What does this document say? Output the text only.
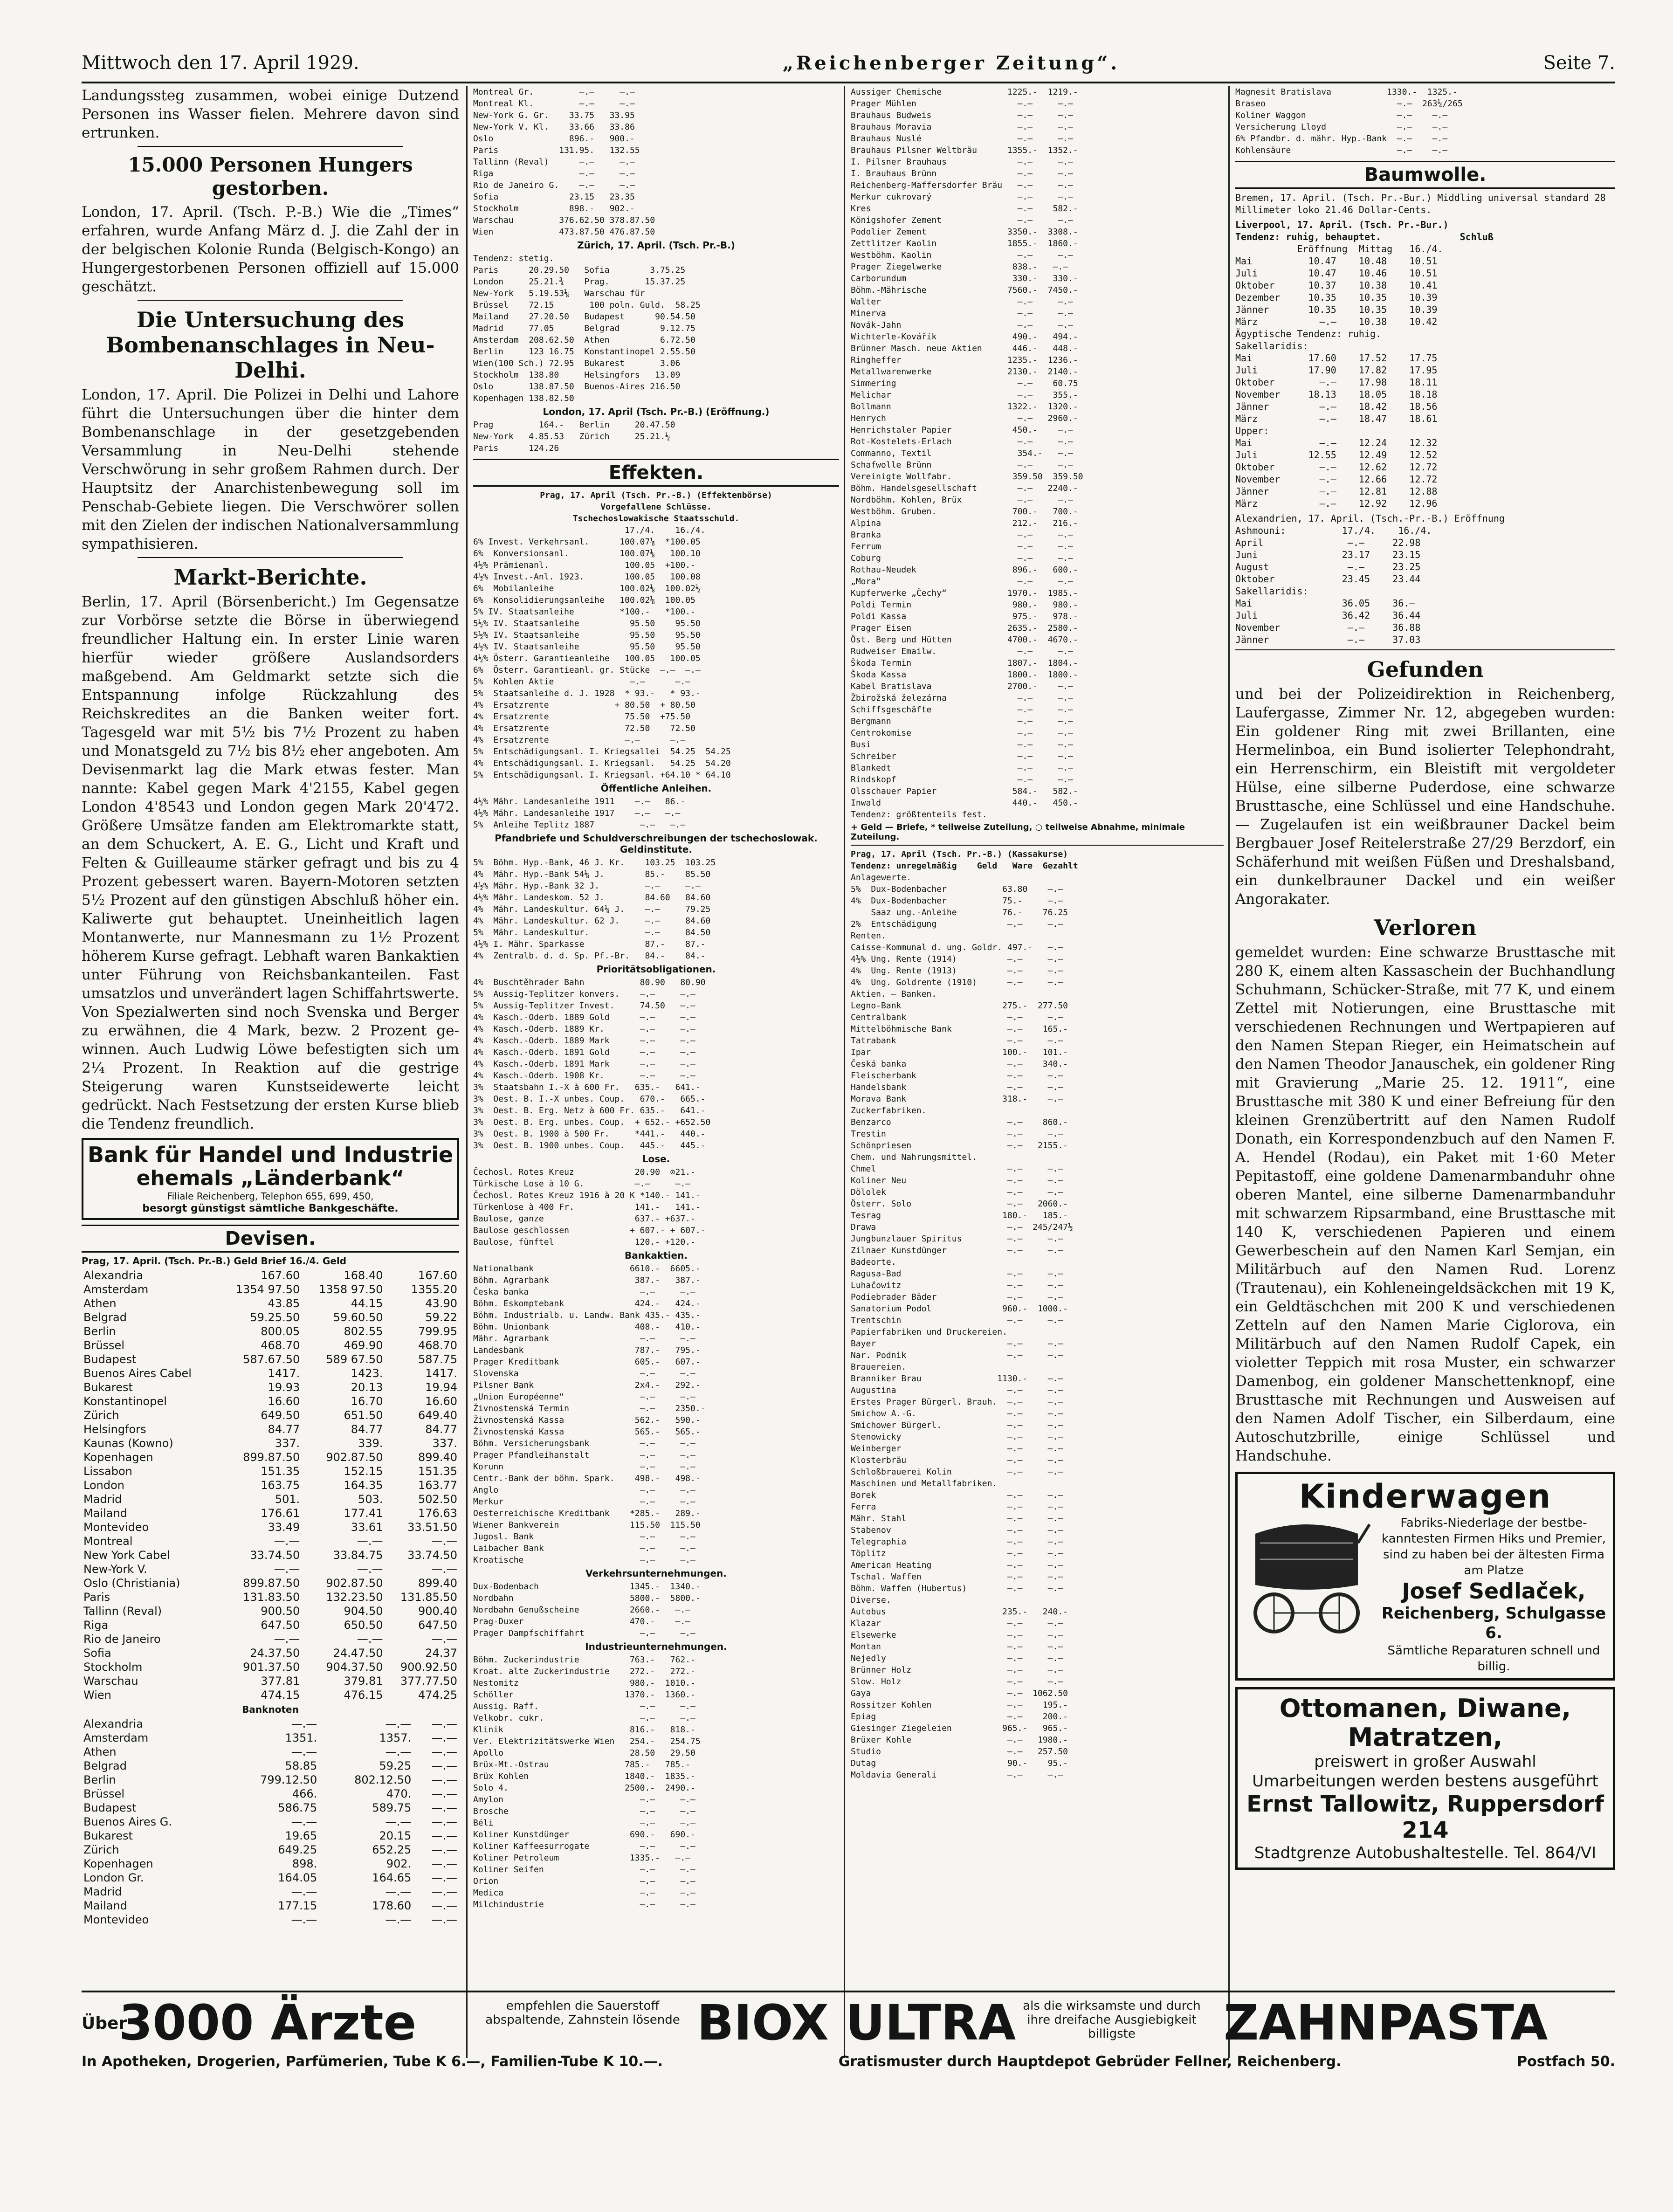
Mittwoch den 17. April 1929.	„Reichenberger Zeitung“.	Seite 7.

Landungssteg zusammen, wobei einige Dutzend Personen ins Wasser fielen. Mehrere davon sind ertrunken.

15.000 Personen Hungers gestorben.

London, 17. April. (Tsch. P.-B.) Wie die „Times“ erfahren, wurde Anfang März d. J. die Zahl der in der belgischen Kolonie Runda (Belgisch-Kongo) an Hungergestorbenen Personen offiziell auf 15.000 geschätzt.

Die Untersuchung des Bombenanschlages in Neu-Delhi.

London, 17. April. Die Polizei in Delhi und Lahore führt die Untersuchungen über die hinter dem Bombenanschlage in der gesetzgebenden Versammlung in Neu-Delhi stehende Verschwörung in sehr großem Rahmen durch. Der Hauptsitz der Anarchistenbewegung soll im Penschab-Gebiete liegen. Die Verschwörer sollen mit den Zielen der indischen Nationalversammlung sympathisieren.

Markt-Berichte.

Berlin, 17. April (Börsenbericht.) Im Gegensatze zur Vorbörse setzte die Börse in überwiegend freundlicher Haltung ein. In erster Linie waren hierfür wieder größere Auslandsorders maßgebend. Am Geldmarkt setzte sich die Entspannung infolge Rückzahlung des Reichskredites an die Banken weiter fort. Tagesgeld war mit 5½ bis 7½ Prozent zu haben und Monatsgeld zu 7½ bis 8½ eher angeboten. Am Devisenmarkt lag die Mark etwas fester. Man nannte: Kabel gegen Mark 4'2155, Kabel gegen London 4'8543 und London gegen Mark 20'472. Größere Umsätze fanden am Elektromarkte statt, an dem Schuckert, A. E. G., Licht und Kraft und Felten & Guilleaume stärker gefragt und bis zu 4 Prozent gebessert waren. Bayern-Motoren setzten 5½ Prozent auf den günstigen Abschluß höher ein. Kaliwerte gut behauptet. Uneinheitlich lagen Montanwerte, nur Mannesmann zu 1½ Prozent höherem Kurse gefragt. Lebhaft waren Bankaktien unter Führung von Reichsbankanteilen. Fast umsatzlos und unverändert lagen Schiffahrtswerte. Von Spezialwerten sind noch Svenska und Berger zu erwähnen, die 4 Mark, bezw. 2 Prozent gewinnen. Auch Ludwig Löwe befestigten sich um 2¼ Prozent. In Reaktion auf die gestrige Steigerung waren Kunstseidewerte leicht gedrückt. Nach Festsetzung der ersten Kurse blieb die Tendenz freundlich.

Bank für Handel und Industrie
ehemals „Länderbank“
Filiale Reichenberg, Telephon 655, 699, 450,
besorgt günstigst sämtliche Bankgeschäfte.
Devisen.
Prag, 17. April. (Tsch. Pr.-B.) Geld Brief 16./4. Geld
Alexandria	167.60	168.40	167.60
Amsterdam	1354 97.50	1358 97.50	1355.20
Athen	43.85	44.15	43.90
Belgrad	59.25.50	59.60.50	59.22
Berlin	800.05	802.55	799.95
Brüssel	468.70	469.90	468.70
Budapest	587.67.50	589 67.50	587.75
Buenos Aires Cabel	1417.	1423.	1417.
Bukarest	19.93	20.13	19.94
Konstantinopel	16.60	16.70	16.60
Zürich	649.50	651.50	649.40
Helsingfors	84.77	84.77	84.77
Kaunas (Kowno)	337.	339.	337.
Kopenhagen	899.87.50	902.87.50	899.40
Lissabon	151.35	152.15	151.35
London	163.75	164.35	163.77
Madrid	501.	503.	502.50
Mailand	176.61	177.41	176.63
Montevideo	33.49	33.61	33.51.50
Montreal	—.—	—.—	—.—
New York Cabel	33.74.50	33.84.75	33.74.50
New-York V.	—.—	—.—	—.—
Oslo (Christiania)	899.87.50	902.87.50	899.40
Paris	131.83.50	132.23.50	131.85.50
Tallinn (Reval)	900.50	904.50	900.40
Riga	647.50	650.50	647.50
Rio de Janeiro	—.—	—.—	—.—
Sofia	24.37.50	24.47.50	24.37
Stockholm	901.37.50	904.37.50	900.92.50
Warschau	377.81	379.81	377.77.50
Wien	474.15	476.15	474.25
Banknoten
Alexandria	—.—	—.—	—.—
Amsterdam	1351.	1357.	—.—
Athen	—.—	—.—	—.—
Belgrad	58.85	59.25	—.—
Berlin	799.12.50	802.12.50	—.—
Brüssel	466.	470.	—.—
Budapest	586.75	589.75	—.—
Buenos Aires G.	—.—	—.—	—.—
Bukarest	19.65	20.15	—.—
Zürich	649.25	652.25	—.—
Kopenhagen	898.	902.	—.—
London Gr.	164.05	164.65	—.—
Madrid	—.—	—.—	—.—
Mailand	177.15	178.60	—.—
Montevideo	—.—	—.—	—.—
Montreal Gr.         —.—     —.—
Montreal Kl.         —.—     —.—
New-York G. Gr.    33.75   33.95
New-York V. Kl.    33.66   33.86
Oslo               896.-   900.-
Paris            131.95.   132.55
Tallinn (Reval)      —.—     —.—
Riga                 —.—     —.—
Rio de Janeiro G.    —.—     —.—
Sofia              23.15   23.35
Stockholm          898.-   902.-
Warschau         376.62.50 378.87.50
Wien             473.87.50 476.87.50
Zürich, 17. April. (Tsch. Pr.-B.)
Tendenz: stetig.
Paris      20.29.50   Sofia        3.75.25
London     25.21.¾    Prag.       15.37.25
New-York   5.19.53⅛   Warschau für
Brüssel    72.15       100 poln. Guld.  58.25
Mailand    27.20.50   Budapest      90.54.50
Madrid     77.05      Belgrad        9.12.75
Amsterdam  208.62.50  Athen          6.72.50
Berlin     123 16.75  Konstantinopel 2.55.50
Wien(100 Sch.) 72.95  Bukarest       3.06
Stockholm  138.80     Helsingfors   13.09
Oslo       138.87.50  Buenos-Aires 216.50
Kopenhagen 138.82.50
London, 17. April (Tsch. Pr.-B.) (Eröffnung.)
Prag         164.-   Berlin     20.47.50
New-York   4.85.53   Zürich     25.21.½
Paris      124.26
Effekten.
Prag, 17. April (Tsch. Pr.-B.) (Effektenbörse)
Vorgefallene Schlüsse.
Tschechoslowakische Staatsschuld.
17./4.    16./4.
6% Invest. Verkehrsanl.      100.07⅛  *100.05
6%  Konversionsanl.          100.07⅛   100.10
4½% Prämienanl.               100.05  +100.-
4½% Invest.-Anl. 1923.        100.05   100.08
6%  Mobilanleihe             100.02⅛  100.02½
6%  Konsolidierungsanleihe   100.02⅛  100.05
5% IV. Staatsanleihe         *100.-   *100.-
5½% IV. Staatsanleihe          95.50    95.50
5½% IV. Staatsanleihe          95.50    95.50
4½% IV. Staatsanleihe          95.50    95.50
4½% Österr. Garantieanleihe   100.05   100.05
6%  Österr. Garantieanl. gr. Stücke  —.—  —.—
5%  Kohlen Aktie               —.—      —.—
5%  Staatsanleihe d. J. 1928  * 93.-   * 93.-
4%  Ersatzrente             + 80.50  + 80.50
4%  Ersatzrente               75.50  +75.50
4%  Ersatzrente               72.50    72.50
4%  Ersatzrente               —.—      —.—
5%  Entschädigungsanl. I. Kriegsallei  54.25  54.25
4%  Entschädigungsanl. I. Kriegsanl.   54.25  54.20
5%  Entschädigungsanl. I. Kriegsanl. +64.10 * 64.10
Öffentliche Anleihen.
4½% Mähr. Landesanleihe 1911    —.—   86.-
4½% Mähr. Landesanleihe 1917    —.—   —.—
5%  Anleihe Teplitz 1887         —.—   —.—
Pfandbriefe und Schuldverschreibungen der tschechoslowak. Geldinstitute.
5%  Böhm. Hyp.-Bank, 46 J. Kr.    103.25  103.25
4%  Mähr. Hyp.-Bank 54⅛ J.        85.-    85.50
4½% Mähr. Hyp.-Bank 32 J.         —.—     —.—
4½% Mähr. Landeskom. 52 J.        84.60   84.60
4%  Mähr. Landeskultur. 64⅛ J.    —.—     79.25
4%  Mähr. Landeskultur. 62 J.     —.—     84.60
5%  Mähr. Landeskultur.           —.—     84.50
4½% I. Mähr. Sparkasse            87.-    87.-
4%  Zentralb. d. d. Sp. Pf.-Br.   84.-    84.-
Prioritätsobligationen.
4%  Buschtěhrader Bahn           80.90   80.90
5%  Aussig-Teplitzer konvers.    —.—     —.—
5%  Aussig-Teplitzer Invest.     74.50   —.—
4%  Kasch.-Oderb. 1889 Gold      —.—     —.—
4%  Kasch.-Oderb. 1889 Kr.       —.—     —.—
4%  Kasch.-Oderb. 1889 Mark      —.—     —.—
4%  Kasch.-Oderb. 1891 Gold      —.—     —.—
4%  Kasch.-Oderb. 1891 Mark      —.—     —.—
4%  Kasch.-Oderb. 1908 Kr.       —.—     —.—
3%  Staatsbahn I.-X à 600 Fr.   635.-   641.-
3%  Oest. B. I.-X unbes. Coup.   670.-   665.-
3%  Oest. B. Erg. Netz à 600 Fr. 635.-   641.-
3%  Oest. B. Erg. unbes. Coup.  + 652.- +652.50
3%  Oest. B. 1900 à 500 Fr.     *441.-   440.-
3%  Oest. B. 1900 unbes. Coup.   445.-   445.-
Lose.
Čechosl. Rotes Kreuz            20.90  ⊙21.-
Türkische Lose à 10 G.          —.—     —.—
Čechosl. Rotes Kreuz 1916 à 20 K *140.- 141.-
Türkenlose à 400 Fr.            141.-   141.-
Baulose, ganze                  637.- +637.-
Baulose geschlossen            + 607.- + 607.-
Baulose, fünftel                120.- +120.-
Bankaktien.
Nationalbank                   6610.-  6605.-
Böhm. Agrarbank                 387.-   387.-
Česka banka                      —.—     —.—
Böhm. Eskomptebank              424.-   424.-
Böhm. Industrialb. u. Landw. Bank 435.- 435.-
Böhm. Unionbank                 408.-   410.-
Mähr. Agrarbank                  —.—     —.—
Landesbank                      787.-   795.-
Prager Kreditbank               605.-   607.-
Slovenska                        —.—     —.—
Pilsner Bank                    2x4.-   292.-
„Union Européenne“               —.—     —.—
Živnostenská Termin              —.—    2350.-
Živnostenská Kassa              562.-   590.-
Živnostenská Kassa              565.-   565.-
Böhm. Versicherungsbank          —.—     —.—
Prager Pfandleihanstalt          —.—     —.—
Korunn                           —.—     —.—
Centr.-Bank der böhm. Spark.    498.-   498.-
Anglo                            —.—     —.—
Merkur                           —.—     —.—
Oesterreichische Kreditbank    *285.-   289.-
Wiener Bankverein              115.50  115.50
Jugosl. Bank                     —.—     —.—
Laibacher Bank                   —.—     —.—
Kroatische                       —.—     —.—
Verkehrsunternehmungen.
Dux-Bodenbach                  1345.-  1340.-
Nordbahn                       5800.-  5800.-
Nordbahn Genußscheine          2660.-   —.—
Prag-Duxer                     470.-    —.—
Prager Dampfschiffahrt           —.—     —.—
Industrieunternehmungen.
Böhm. Zuckerindustrie          763.-   762.-
Kroat. alte Zuckerindustrie    272.-   272.-
Nestomitz                      980.-  1010.-
Schöller                      1370.-  1360.-
Aussig. Raff.                    —.—     —.—
Velkobr. cukr.                   —.—     —.—
Klinik                         816.-   818.-
Ver. Elektrizitätswerke Wien   254.-   254.75
Apollo                         28.50   29.50
Brüx-Mt.-Ostrau               785.-   785.-
Brüx Kohlen                   1840.-  1835.-
Solo 4.                       2500.-  2490.-
Amylon                           —.—     —.—
Brosche                          —.—     —.—
Béli                             —.—     —.—
Koliner Kunstdünger            690.-   690.-
Koliner Kaffeesurrogate          —.—     —.—
Koliner Petroleum              1335.-   —.—
Koliner Seifen                   —.—     —.—
Orion                            —.—     —.—
Medica                           —.—     —.—
Milchindustrie                   —.—     —.—
Aussiger Chemische             1225.-  1219.-
Prager Mühlen                    —.—     —.—
Brauhaus Budweis                 —.—     —.—
Brauhaus Moravia                 —.—     —.—
Brauhaus Nuslé                   —.—     —.—
Brauhaus Pilsner Weltbräu      1355.-  1352.-
I. Pilsner Brauhaus              —.—     —.—
I. Brauhaus Brünn                —.—     —.—
Reichenberg-Maffersdorfer Bräu   —.—     —.—
Merkur cukrovarý                 —.—     —.—
Kres                             —.—    582.-
Königshofer Zement               —.—     —.—
Podolier Zement                3350.-  3308.-
Zettlitzer Kaolin              1855.-  1860.-
Westböhm. Kaolin                 —.—     —.—
Prager Ziegelwerke              838.-   —.—
Carborundum                     330.-   330.-
Böhm.-Mährische                7560.-  7450.-
Walter                           —.—     —.—
Minerva                          —.—     —.—
Novák-Jahn                       —.—     —.—
Wichterle-Kovářík               490.-   494.-
Brünner Masch. neue Aktien      446.-   448.-
Ringheffer                     1235.-  1236.-
Metallwarenwerke               2130.-  2140.-
Simmering                        —.—    60.75
Melichar                         —.—    355.-
Bollmann                       1322.-  1320.-
Henrych                          —.—   2960.-
Henrichstaler Papier            450.-    —.—
Rot-Kostelets-Erlach             —.—     —.—
Commanno, Textil                 354.-   —.—
Schafwolle Brünn                 —.—     —.—
Vereinigte Wollfabr.            359.50  359.50
Böhm. Handelsgesellschaft        —.—   2240.-
Nordböhm. Kohlen, Brüx           —.—     —.—
Westböhm. Gruben.               700.-   700.-
Alpina                          212.-   216.-
Branka                           —.—     —.—
Ferrum                           —.—     —.—
Coburg                           —.—     —.—
Rothau-Neudek                   896.-   600.-
„Mora“                           —.—     —.—
Kupferwerke „Čechy“            1970.-  1985.-
Poldi Termin                    980.-   980.-
Poldi Kassa                     975.-   978.-
Prager Eisen                   2635.-  2580.-
Öst. Berg und Hütten           4700.-  4670.-
Rudweiser Emailw.                —.—     —.—
Škoda Termin                   1807.-  1804.-
Škoda Kassa                    1800.-  1800.-
Kabel Bratislava               2700.-    —.—
Žbirožská železárna              —.—     —.—
Schiffsgeschäfte                 —.—     —.—
Bergmann                         —.—     —.—
Centrokomise                     —.—     —.—
Busi                             —.—     —.—
Schreiber                        —.—     —.—
Blankedt                         —.—     —.—
Rindskopf                        —.—     —.—
Olsschauer Papier               584.-   582.-
Inwald                          440.-   450.-
Tendenz: größtenteils fest.
+ Geld — Briefe, * teilweise Zuteilung, ○ teilweise Abnahme, minimale Zuteilung.
Prag, 17. April (Tsch. Pr.-B.) (Kassakurse)
Tendenz: unregelmäßig    Geld   Ware  Gezahlt
Anlagewerte.
5%  Dux-Bodenbacher           63.80    —.—
4%  Dux-Bodenbacher           75.-     —.—
Saaz ung.-Anleihe         76.-    76.25
2%  Entschädigung              —.—     —.—
Renten.
Caisse-Kommunal d. ung. Goldr. 497.-   —.—
4½% Ung. Rente (1914)          —.—     —.—
4%  Ung. Rente (1913)          —.—     —.—
4%  Ung. Goldrente (1910)      —.—     —.—
Aktien. — Banken.
Legno-Bank                    275.-  277.50
Centralbank                    —.—     —.—
Mittelböhmische Bank           —.—    165.-
Tatrabank                      —.—     —.—
Ipar                          100.-   101.-
Česká banka                    —.—    340.-
Fleischerbank                  —.—     —.—
Handelsbank                    —.—     —.—
Morava Bank                   318.-    —.—
Zuckerfabriken.
Benzarco                       —.—    860.-
Trestin                        —.—     —.—
Schönpriesen                   —.—   2155.-
Chem. und Nahrungsmittel.
Chmel                          —.—     —.—
Koliner Neu                    —.—     —.—
Dölolek                        —.—     —.—
Österr. Solo                   —.—   2060.-
Tesrag                        180.-   185.-
Drawa                          —.—  245/247½
Jungbunzlauer Spiritus         —.—     —.—
Zilnaer Kunstdünger            —.—     —.—
Badeorte.
Ragusa-Bad                     —.—     —.—
Luhačowitz                     —.—     —.—
Podiebrader Bäder              —.—     —.—
Sanatorium Podol              960.-  1000.-
Trentschin                     —.—     —.—
Papierfabriken und Druckereien.
Bayer                          —.—     —.—
Nar. Podnik                    —.—     —.—
Brauereien.
Branniker Brau               1130.-    —.—
Augustina                      —.—     —.—
Erstes Prager Bürgerl. Brauh.  —.—     —.—
Smichow A.-G.                  —.—     —.—
Smichower Bürgerl.             —.—     —.—
Stenowicky                     —.—     —.—
Weinberger                     —.—     —.—
Klosterbräu                    —.—     —.—
Schloßbrauerei Kolin           —.—     —.—
Maschinen und Metallfabriken.
Borek                          —.—     —.—
Ferra                          —.—     —.—
Mähr. Stahl                    —.—     —.—
Stabenov                       —.—     —.—
Telegraphia                    —.—     —.—
Töplitz                        —.—     —.—
American Heating               —.—     —.—
Tschal. Waffen                 —.—     —.—
Böhm. Waffen (Hubertus)        —.—     —.—
Diverse.
Autobus                       235.-   240.-
Klazar                         —.—     —.—
Elsewerke                      —.—     —.—
Montan                         —.—     —.—
Nejedly                        —.—     —.—
Brünner Holz                   —.—     —.—
Slow. Holz                     —.—     —.—
Gaya                           —.—  1062.50
Rossitzer Kohlen               —.—    195.-
Epiag                          —.—    200.-
Giesinger Ziegeleien          965.-   965.-
Brüxer Kohle                   —.—   1980.-
Studio                         —.—   257.50
Dutag                          90.-    95.-
Moldavia Generali              —.—     —.—
Magnesit Bratislava           1330.-  1325.-
Braseo                          —.—  263¼/265
Koliner Waggon                  —.—    —.—
Versicherung Lloyd              —.—    —.—
6% Pfandbr. d. mähr. Hyp.-Bank  —.—    —.—
Kohlensäure                     —.—    —.—
Baumwolle.
Bremen, 17. April. (Tsch. Pr.-Bur.) Middling universal standard 28 Millimeter loko 21.46 Dollar-Cents.
Liverpool, 17. April. (Tsch. Pr.-Bur.)
Tendenz: ruhig, behauptet.              Schluß
Eröffnung  Mittag   16./4.
Mai          10.47    10.48    10.51
Juli         10.47    10.46    10.51
Oktober      10.37    10.38    10.41
Dezember     10.35    10.35    10.39
Jänner       10.35    10.35    10.39
März           —.—    10.38    10.42
Ägyptische Tendenz: ruhig.
Sakellaridis:
Mai          17.60    17.52    17.75
Juli         17.90    17.82    17.95
Oktober        —.—    17.98    18.11
November     18.13    18.05    18.18
Jänner         —.—    18.42    18.56
März           —.—    18.47    18.61
Upper:
Mai            —.—    12.24    12.32
Juli         12.55    12.49    12.52
Oktober        —.—    12.62    12.72
November       —.—    12.66    12.72
Jänner         —.—    12.81    12.88
März           —.—    12.92    12.96
Alexandrien, 17. April. (Tsch.-Pr.-B.) Eröffnung
Ashmouni:          17./4.    16./4.
April               —.—     22.98
Juni               23.17    23.15
August              —.—     23.25
Oktober            23.45    23.44
Sakellaridis:
Mai                36.05    36.—
Juli               36.42    36.44
November            —.—     36.88
Jänner              —.—     37.03
Gefunden

und bei der Polizeidirektion in Reichenberg, Laufergasse, Zimmer Nr. 12, abgegeben wurden: Ein goldener Ring mit zwei Brillanten, eine Hermelinboa, ein Bund isolierter Telephondraht, ein Herrenschirm, ein Bleistift mit vergoldeter Hülse, eine silberne Puderdose, eine schwarze Brusttasche, eine Schlüssel und eine Handschuhe. — Zugelaufen ist ein weißbrauner Dackel beim Bergbauer Josef Reitelerstraße 27/29 Berzdorf, ein Schäferhund mit weißen Füßen und Dreshalsband, ein dunkelbrauner Dackel und ein weißer Angorakater.

Verloren

gemeldet wurden: Eine schwarze Brusttasche mit 280 K, einem alten Kassaschein der Buchhandlung Schuhmann, Schücker-Straße, mit 77 K, und einem Zettel mit Notierungen, eine Brusttasche mit verschiedenen Rechnungen und Wertpapieren auf den Namen Stepan Rieger, ein Heimatschein auf den Namen Theodor Janauschek, ein goldener Ring mit Gravierung „Marie 25. 12. 1911“, eine Brusttasche mit 380 K und einer Befreiung für den kleinen Grenzübertritt auf den Namen Rudolf Donath, ein Korrespondenzbuch auf den Namen F. A. Hendel (Rodau), ein Paket mit 1·60 Meter Pepitastoff, eine goldene Damenarmbanduhr ohne oberen Mantel, eine silberne Damenarmbanduhr mit schwarzem Ripsarmband, eine Brusttasche mit 140 K, verschiedenen Papieren und einem Gewerbeschein auf den Namen Karl Semjan, ein Militärbuch auf den Namen Rud. Lorenz (Trautenau), ein Kohleneingeldsäckchen mit 19 K, ein Geldtäschchen mit 200 K und verschiedenen Zetteln auf den Namen Marie Ciglorova, ein Militärbuch auf den Namen Rudolf Capek, ein violetter Teppich mit rosa Muster, ein schwarzer Damenbog, ein goldener Manschettenknopf, eine Brusttasche mit Rechnungen und Ausweisen auf den Namen Adolf Tischer, ein Silberdaum, eine Autoschutzbrille, einige Schlüssel und Handschuhe.

Kinderwagen
Fabriks-Niederlage der bestbekanntesten Firmen Hiks und Premier, sind zu haben bei der ältesten Firma am Platze
Josef Sedlaček,
Reichenberg, Schulgasse 6.
Sämtliche Reparaturen schnell und billig.
Ottomanen, Diwane, Matratzen,
preiswert in großer Auswahl
Umarbeitungen werden bestens ausgeführt
Ernst Tallowitz, Ruppersdorf 214
Stadtgrenze Autobushaltestelle. Tel. 864/VI
Über
3000 Ärzte	empfehlen die Sauerstoff abspaltende, Zahnstein lösende BIOX ULTRA als die wirksamste und durch ihre dreifache Ausgiebigkeit billigste	ZAHNPASTA
In Apotheken, Drogerien, Parfümerien, Tube K 6.—, Familien-Tube K 10.—.	Gratismuster durch Hauptdepot Gebrüder Fellner, Reichenberg.	Postfach 50.
